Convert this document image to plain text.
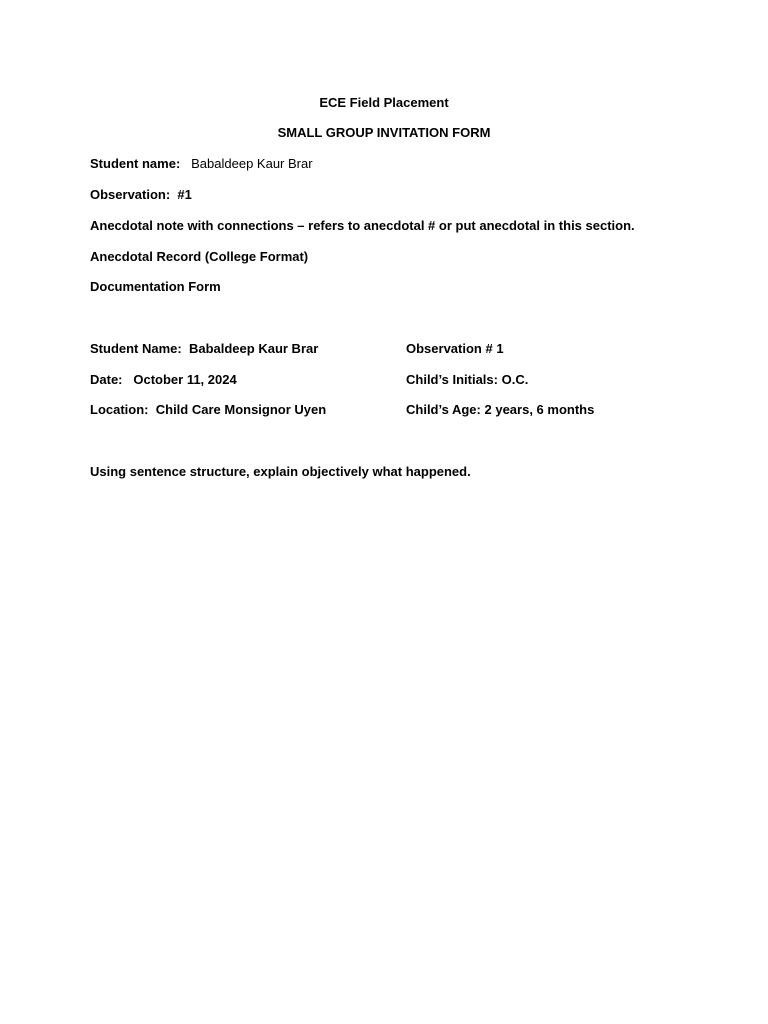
ECE Field Placement
SMALL GROUP INVITATION FORM
Student name: Babaldeep Kaur Brar
Observation: #1
Anecdotal note with connections – refers to anecdotal # or put anecdotal in this section.
Anecdotal Record (College Format)
Documentation Form
Student Name: Babaldeep Kaur Brar	Observation # 1
Date: October 11, 2024	Child’s Initials: O.C.
Location: Child Care Monsignor Uyen	Child’s Age: 2 years, 6 months
Using sentence structure, explain objectively what happened.
